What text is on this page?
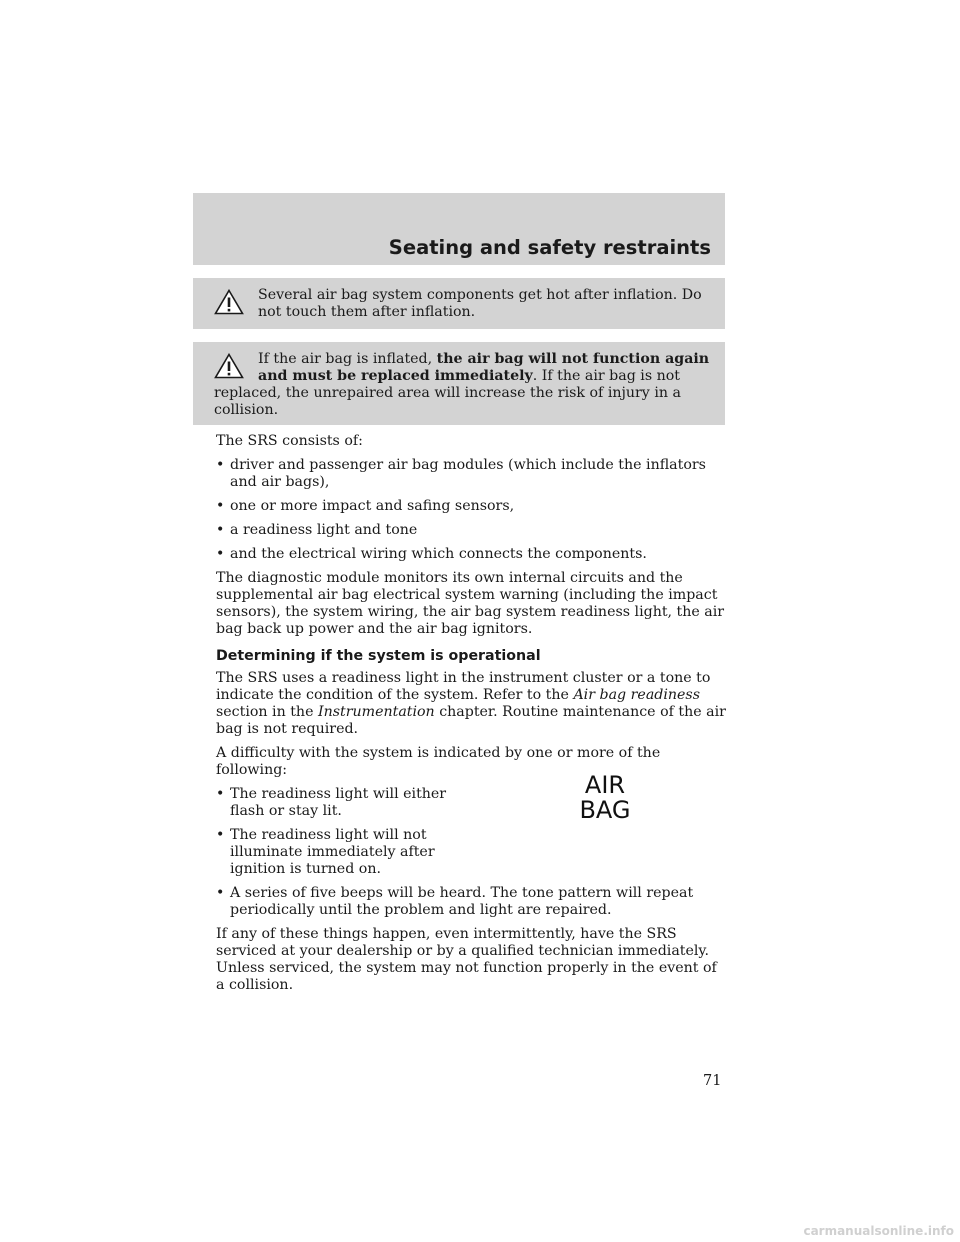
Seating and safety restraints
Several air bag system components get hot after inflation. Do not touch them after inflation.
If the air bag is inflated, the air bag will not function again and must be replaced immediately. If the air bag is not replaced, the unrepaired area will increase the risk of injury in a collision.

The SRS consists of:

• driver and passenger air bag modules (which include the inflators and air bags),
• one or more impact and safing sensors,
• a readiness light and tone
• and the electrical wiring which connects the components.

The diagnostic module monitors its own internal circuits and the supplemental air bag electrical system warning (including the impact sensors), the system wiring, the air bag system readiness light, the air bag back up power and the air bag ignitors.

Determining if the system is operational

The SRS uses a readiness light in the instrument cluster or a tone to indicate the condition of the system. Refer to the Air bag readiness section in the Instrumentation chapter. Routine maintenance of the air bag is not required.

A difficulty with the system is indicated by one or more of the following:

• The readiness light will either flash or stay lit.
• The readiness light will not illuminate immediately after ignition is turned on.
• A series of five beeps will be heard. The tone pattern will repeat periodically until the problem and light are repaired.

If any of these things happen, even intermittently, have the SRS serviced at your dealership or by a qualified technician immediately. Unless serviced, the system may not function properly in the event of a collision.

AIR
BAG
71
carmanualsonline.info
